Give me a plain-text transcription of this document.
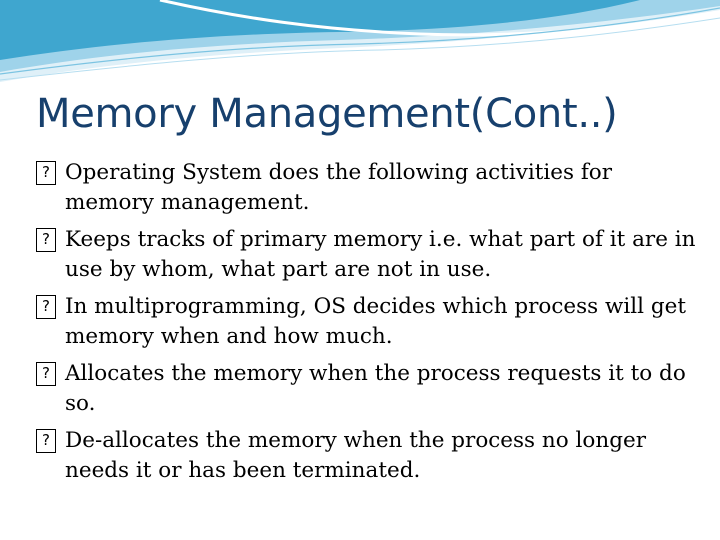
Memory Management(Cont..)
? Operating System does the following activities for memory management.
? Keeps tracks of primary memory i.e. what part of it are in use by whom, what part are not in use.
? In multiprogramming, OS decides which process will get memory when and how much.
? Allocates the memory when the process requests it to do so.
? De-allocates the memory when the process no longer needs it or has been terminated.
